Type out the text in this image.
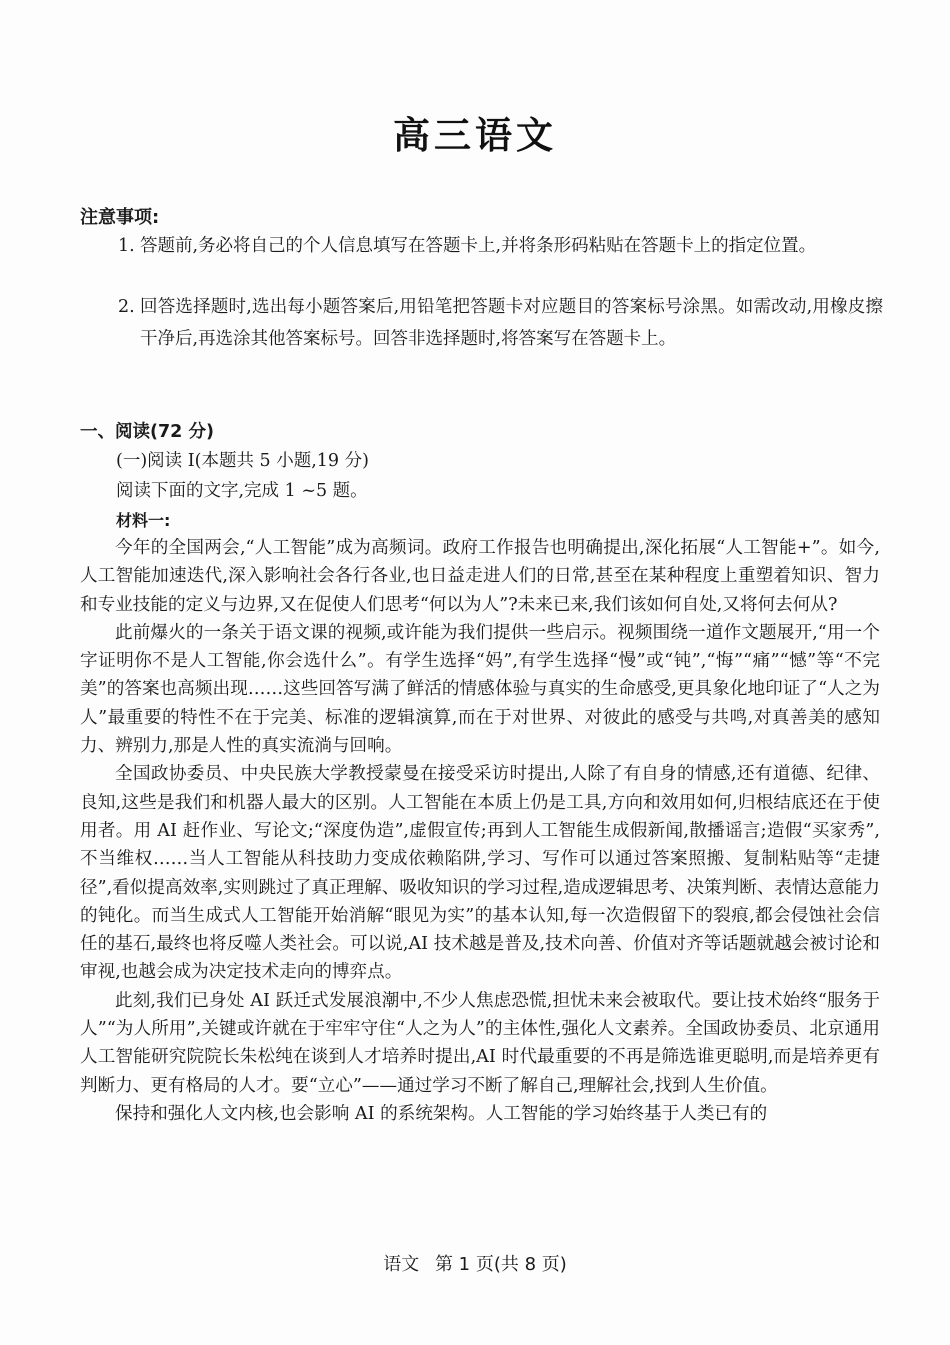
高三语文
注意事项:
1. 答题前,务必将自己的个人信息填写在答题卡上,并将条形码粘贴在答题卡上的指定位置。
2. 回答选择题时,选出每小题答案后,用铅笔把答题卡对应题目的答案标号涂黑。如需改动,用橡皮擦干净后,再选涂其他答案标号。回答非选择题时,将答案写在答题卡上。
一、阅读(72 分)
(一)阅读 I(本题共 5 小题,19 分)
阅读下面的文字,完成 1 ~5 题。
材料一:

今年的全国两会,“人工智能”成为高频词。政府工作报告也明确提出,深化拓展“人工智能+”。如今,人工智能加速迭代,深入影响社会各行各业,也日益走进人们的日常,甚至在某种程度上重塑着知识、智力和专业技能的定义与边界,又在促使人们思考“何以为人”?未来已来,我们该如何自处,又将何去何从?

此前爆火的一条关于语文课的视频,或许能为我们提供一些启示。视频围绕一道作文题展开,“用一个字证明你不是人工智能,你会选什么”。有学生选择“妈”,有学生选择“慢”或“钝”,“悔”“痛”“憾”等“不完美”的答案也高频出现……这些回答写满了鲜活的情感体验与真实的生命感受,更具象化地印证了“人之为人”最重要的特性不在于完美、标准的逻辑演算,而在于对世界、对彼此的感受与共鸣,对真善美的感知力、辨别力,那是人性的真实流淌与回响。

全国政协委员、中央民族大学教授蒙曼在接受采访时提出,人除了有自身的情感,还有道德、纪律、良知,这些是我们和机器人最大的区别。人工智能在本质上仍是工具,方向和效用如何,归根结底还在于使用者。用 AI 赶作业、写论文;“深度伪造”,虚假宣传;再到人工智能生成假新闻,散播谣言;造假“买家秀”,不当维权……当人工智能从科技助力变成依赖陷阱,学习、写作可以通过答案照搬、复制粘贴等“走捷径”,看似提高效率,实则跳过了真正理解、吸收知识的学习过程,造成逻辑思考、决策判断、表情达意能力的钝化。而当生成式人工智能开始消解“眼见为实”的基本认知,每一次造假留下的裂痕,都会侵蚀社会信任的基石,最终也将反噬人类社会。可以说,AI 技术越是普及,技术向善、价值对齐等话题就越会被讨论和审视,也越会成为决定技术走向的博弈点。

此刻,我们已身处 AI 跃迁式发展浪潮中,不少人焦虑恐慌,担忧未来会被取代。要让技术始终“服务于人”“为人所用”,关键或许就在于牢牢守住“人之为人”的主体性,强化人文素养。全国政协委员、北京通用人工智能研究院院长朱松纯在谈到人才培养时提出,AI 时代最重要的不再是筛选谁更聪明,而是培养更有判断力、更有格局的人才。要“立心”——通过学习不断了解自己,理解社会,找到人生价值。

保持和强化人文内核,也会影响 AI 的系统架构。人工智能的学习始终基于人类已有的

语文 第 1 页(共 8 页)
